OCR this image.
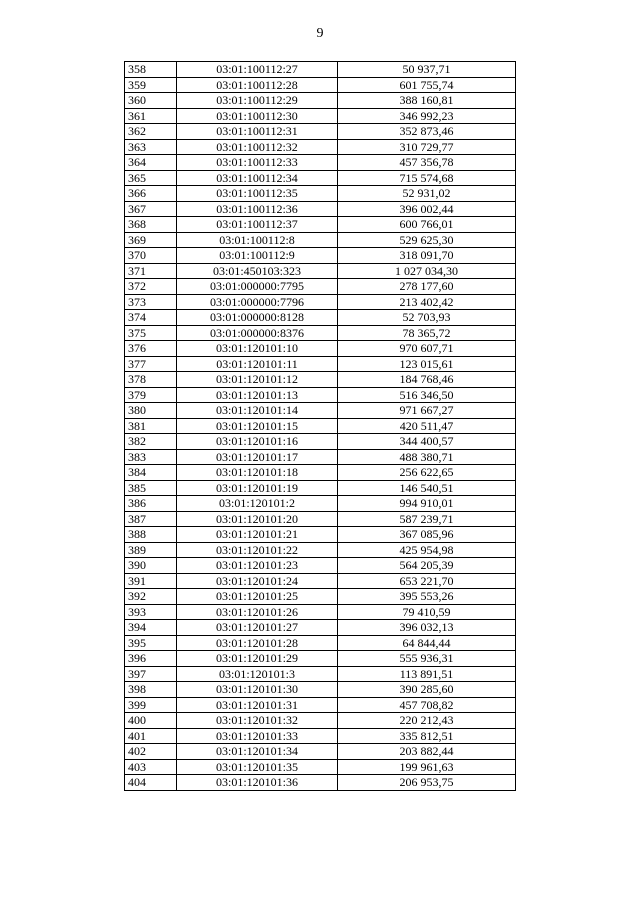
9
358	03:01:100112:27	50 937,71
359	03:01:100112:28	601 755,74
360	03:01:100112:29	388 160,81
361	03:01:100112:30	346 992,23
362	03:01:100112:31	352 873,46
363	03:01:100112:32	310 729,77
364	03:01:100112:33	457 356,78
365	03:01:100112:34	715 574,68
366	03:01:100112:35	52 931,02
367	03:01:100112:36	396 002,44
368	03:01:100112:37	600 766,01
369	03:01:100112:8	529 625,30
370	03:01:100112:9	318 091,70
371	03:01:450103:323	1 027 034,30
372	03:01:000000:7795	278 177,60
373	03:01:000000:7796	213 402,42
374	03:01:000000:8128	52 703,93
375	03:01:000000:8376	78 365,72
376	03:01:120101:10	970 607,71
377	03:01:120101:11	123 015,61
378	03:01:120101:12	184 768,46
379	03:01:120101:13	516 346,50
380	03:01:120101:14	971 667,27
381	03:01:120101:15	420 511,47
382	03:01:120101:16	344 400,57
383	03:01:120101:17	488 380,71
384	03:01:120101:18	256 622,65
385	03:01:120101:19	146 540,51
386	03:01:120101:2	994 910,01
387	03:01:120101:20	587 239,71
388	03:01:120101:21	367 085,96
389	03:01:120101:22	425 954,98
390	03:01:120101:23	564 205,39
391	03:01:120101:24	653 221,70
392	03:01:120101:25	395 553,26
393	03:01:120101:26	79 410,59
394	03:01:120101:27	396 032,13
395	03:01:120101:28	64 844,44
396	03:01:120101:29	555 936,31
397	03:01:120101:3	113 891,51
398	03:01:120101:30	390 285,60
399	03:01:120101:31	457 708,82
400	03:01:120101:32	220 212,43
401	03:01:120101:33	335 812,51
402	03:01:120101:34	203 882,44
403	03:01:120101:35	199 961,63
404	03:01:120101:36	206 953,75
